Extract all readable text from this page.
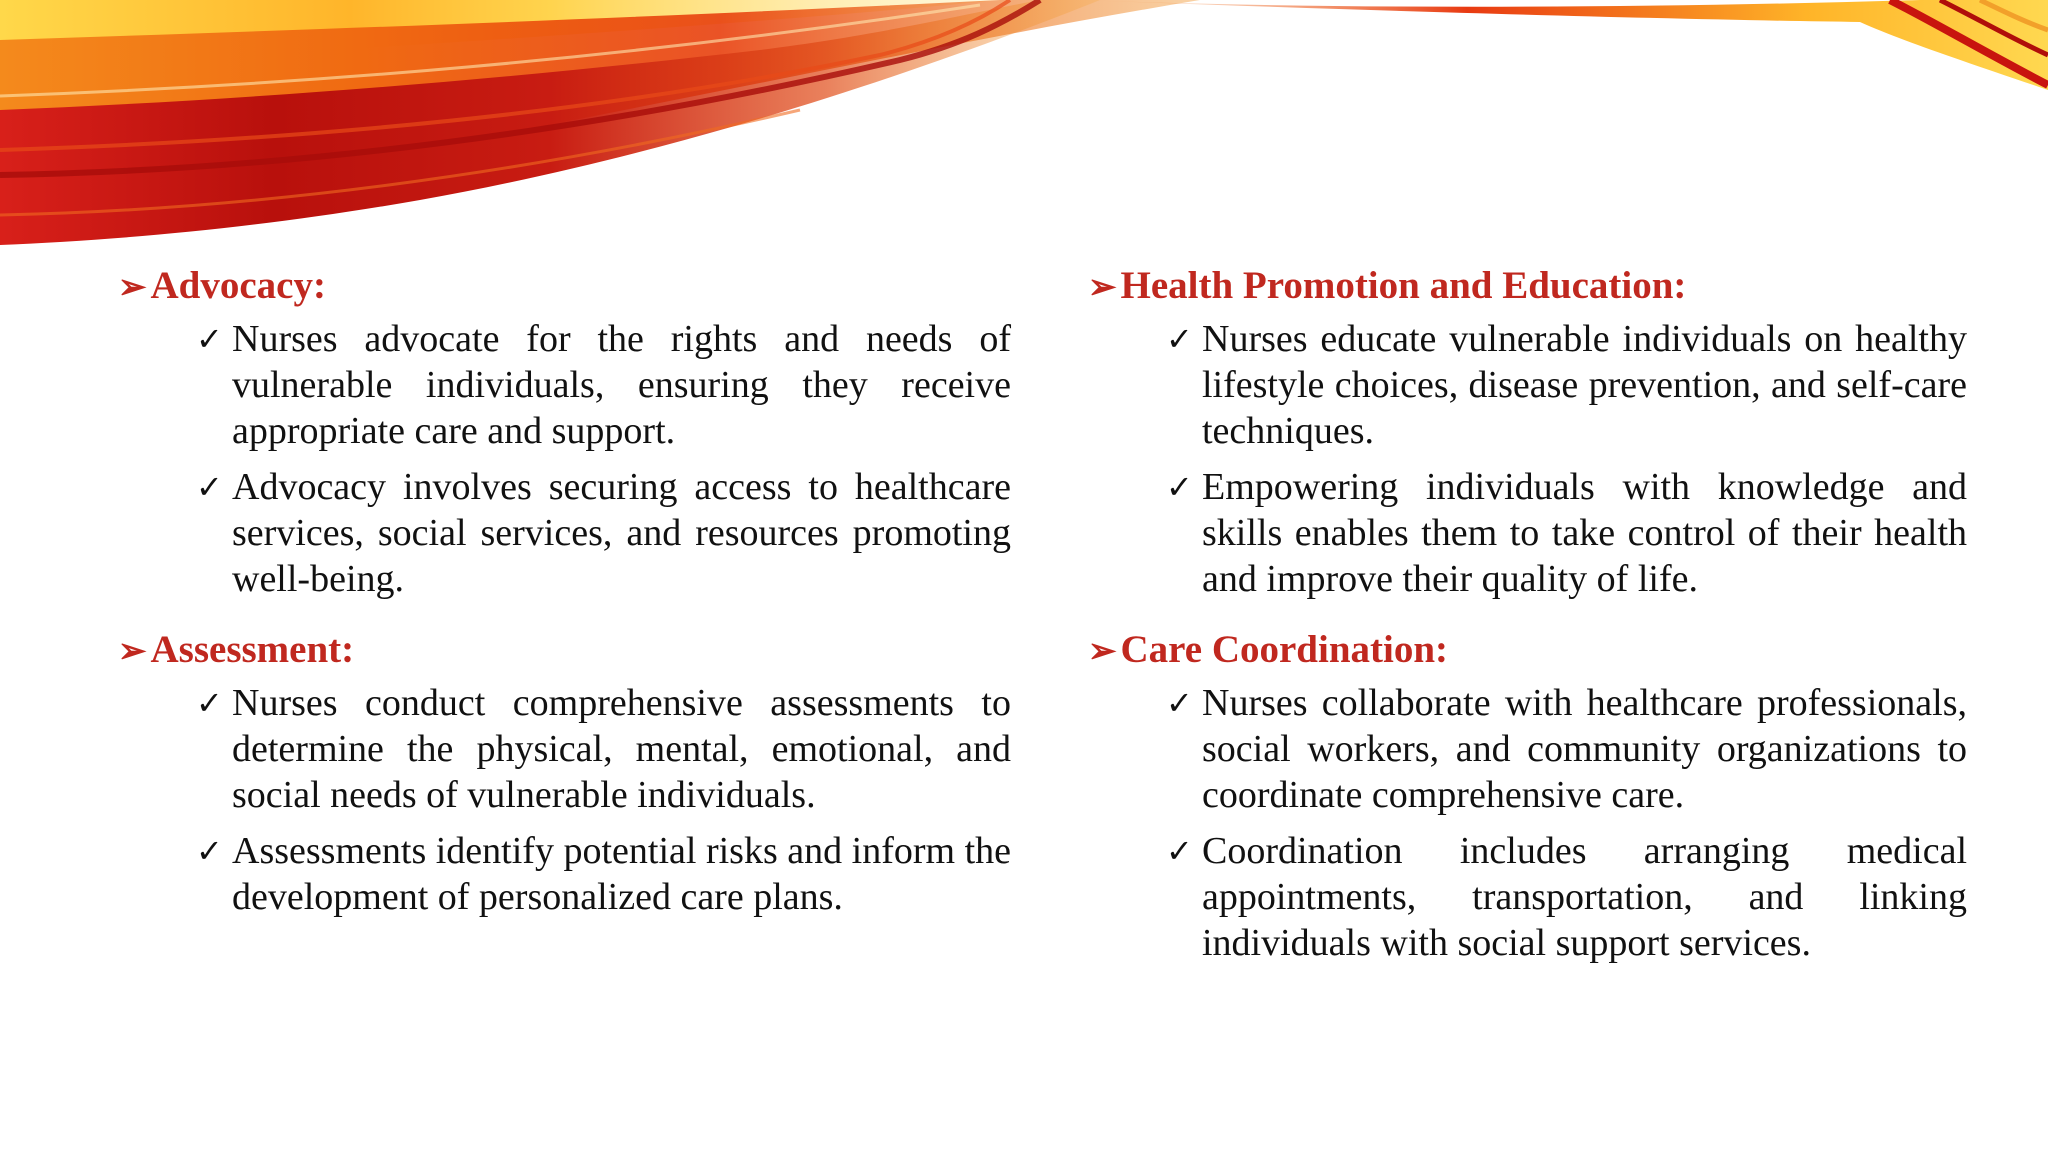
➢ Advocacy:
✓ Nurses advocate for the rights and needs of vulnerable individuals, ensuring they receive appropriate care and support.
✓ Advocacy involves securing access to healthcare services, social services, and resources promoting well-being.
➢ Assessment:
✓ Nurses conduct comprehensive assessments to determine the physical, mental, emotional, and social needs of vulnerable individuals.
✓ Assessments identify potential risks and inform the development of personalized care plans.
➢ Health Promotion and Education:
✓ Nurses educate vulnerable individuals on healthy lifestyle choices, disease prevention, and self-care techniques.
✓ Empowering individuals with knowledge and skills enables them to take control of their health and improve their quality of life.
➢ Care Coordination:
✓ Nurses collaborate with healthcare professionals, social workers, and community organizations to coordinate comprehensive care.
✓ Coordination includes arranging medical appointments, transportation, and linking individuals with social support services.
